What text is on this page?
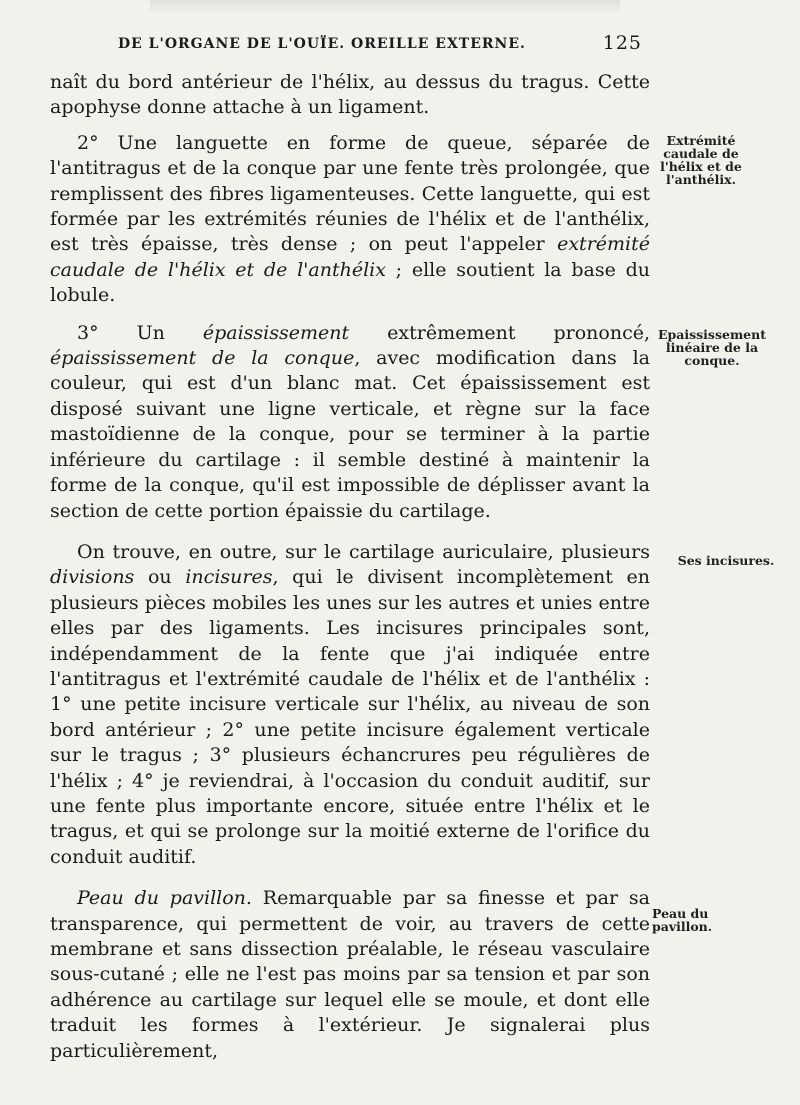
DE L'ORGANE DE L'OUÏE. OREILLE EXTERNE.	125

naît du bord antérieur de l'hélix, au dessus du tragus. Cette apophyse donne attache à un ligament.

2° Une languette en forme de queue, séparée de l'antitragus et de la conque par une fente très prolongée, que remplissent des fibres ligamenteuses. Cette languette, qui est formée par les extrémités réunies de l'hélix et de l'anthélix, est très épaisse, très dense ; on peut l'appeler extrémité caudale de l'hélix et de l'anthélix ; elle soutient la base du lobule.

3° Un épaississement extrêmement prononcé, épaississement de la conque, avec modification dans la couleur, qui est d'un blanc mat. Cet épaississement est disposé suivant une ligne verticale, et règne sur la face mastoïdienne de la conque, pour se terminer à la partie inférieure du cartilage : il semble destiné à maintenir la forme de la conque, qu'il est impossible de déplisser avant la section de cette portion épaissie du cartilage.

On trouve, en outre, sur le cartilage auriculaire, plusieurs divisions ou incisures, qui le divisent incomplètement en plusieurs pièces mobiles les unes sur les autres et unies entre elles par des ligaments. Les incisures principales sont, indépendamment de la fente que j'ai indiquée entre l'antitragus et l'extrémité caudale de l'hélix et de l'anthélix : 1° une petite incisure verticale sur l'hélix, au niveau de son bord antérieur ; 2° une petite incisure également verticale sur le tragus ; 3° plusieurs échancrures peu régulières de l'hélix ; 4° je reviendrai, à l'occasion du conduit auditif, sur une fente plus importante encore, située entre l'hélix et le tragus, et qui se prolonge sur la moitié externe de l'orifice du conduit auditif.

Peau du pavillon. Remarquable par sa finesse et par sa transparence, qui permettent de voir, au travers de cette membrane et sans dissection préalable, le réseau vasculaire sous-cutané ; elle ne l'est pas moins par sa tension et par son adhérence au cartilage sur lequel elle se moule, et dont elle traduit les formes à l'extérieur. Je signalerai plus particulièrement,

Extrémité caudale de l'hélix et de l'anthélix.
Epaississement linéaire de la conque.
Ses incisures.
Peau du pavillon.
